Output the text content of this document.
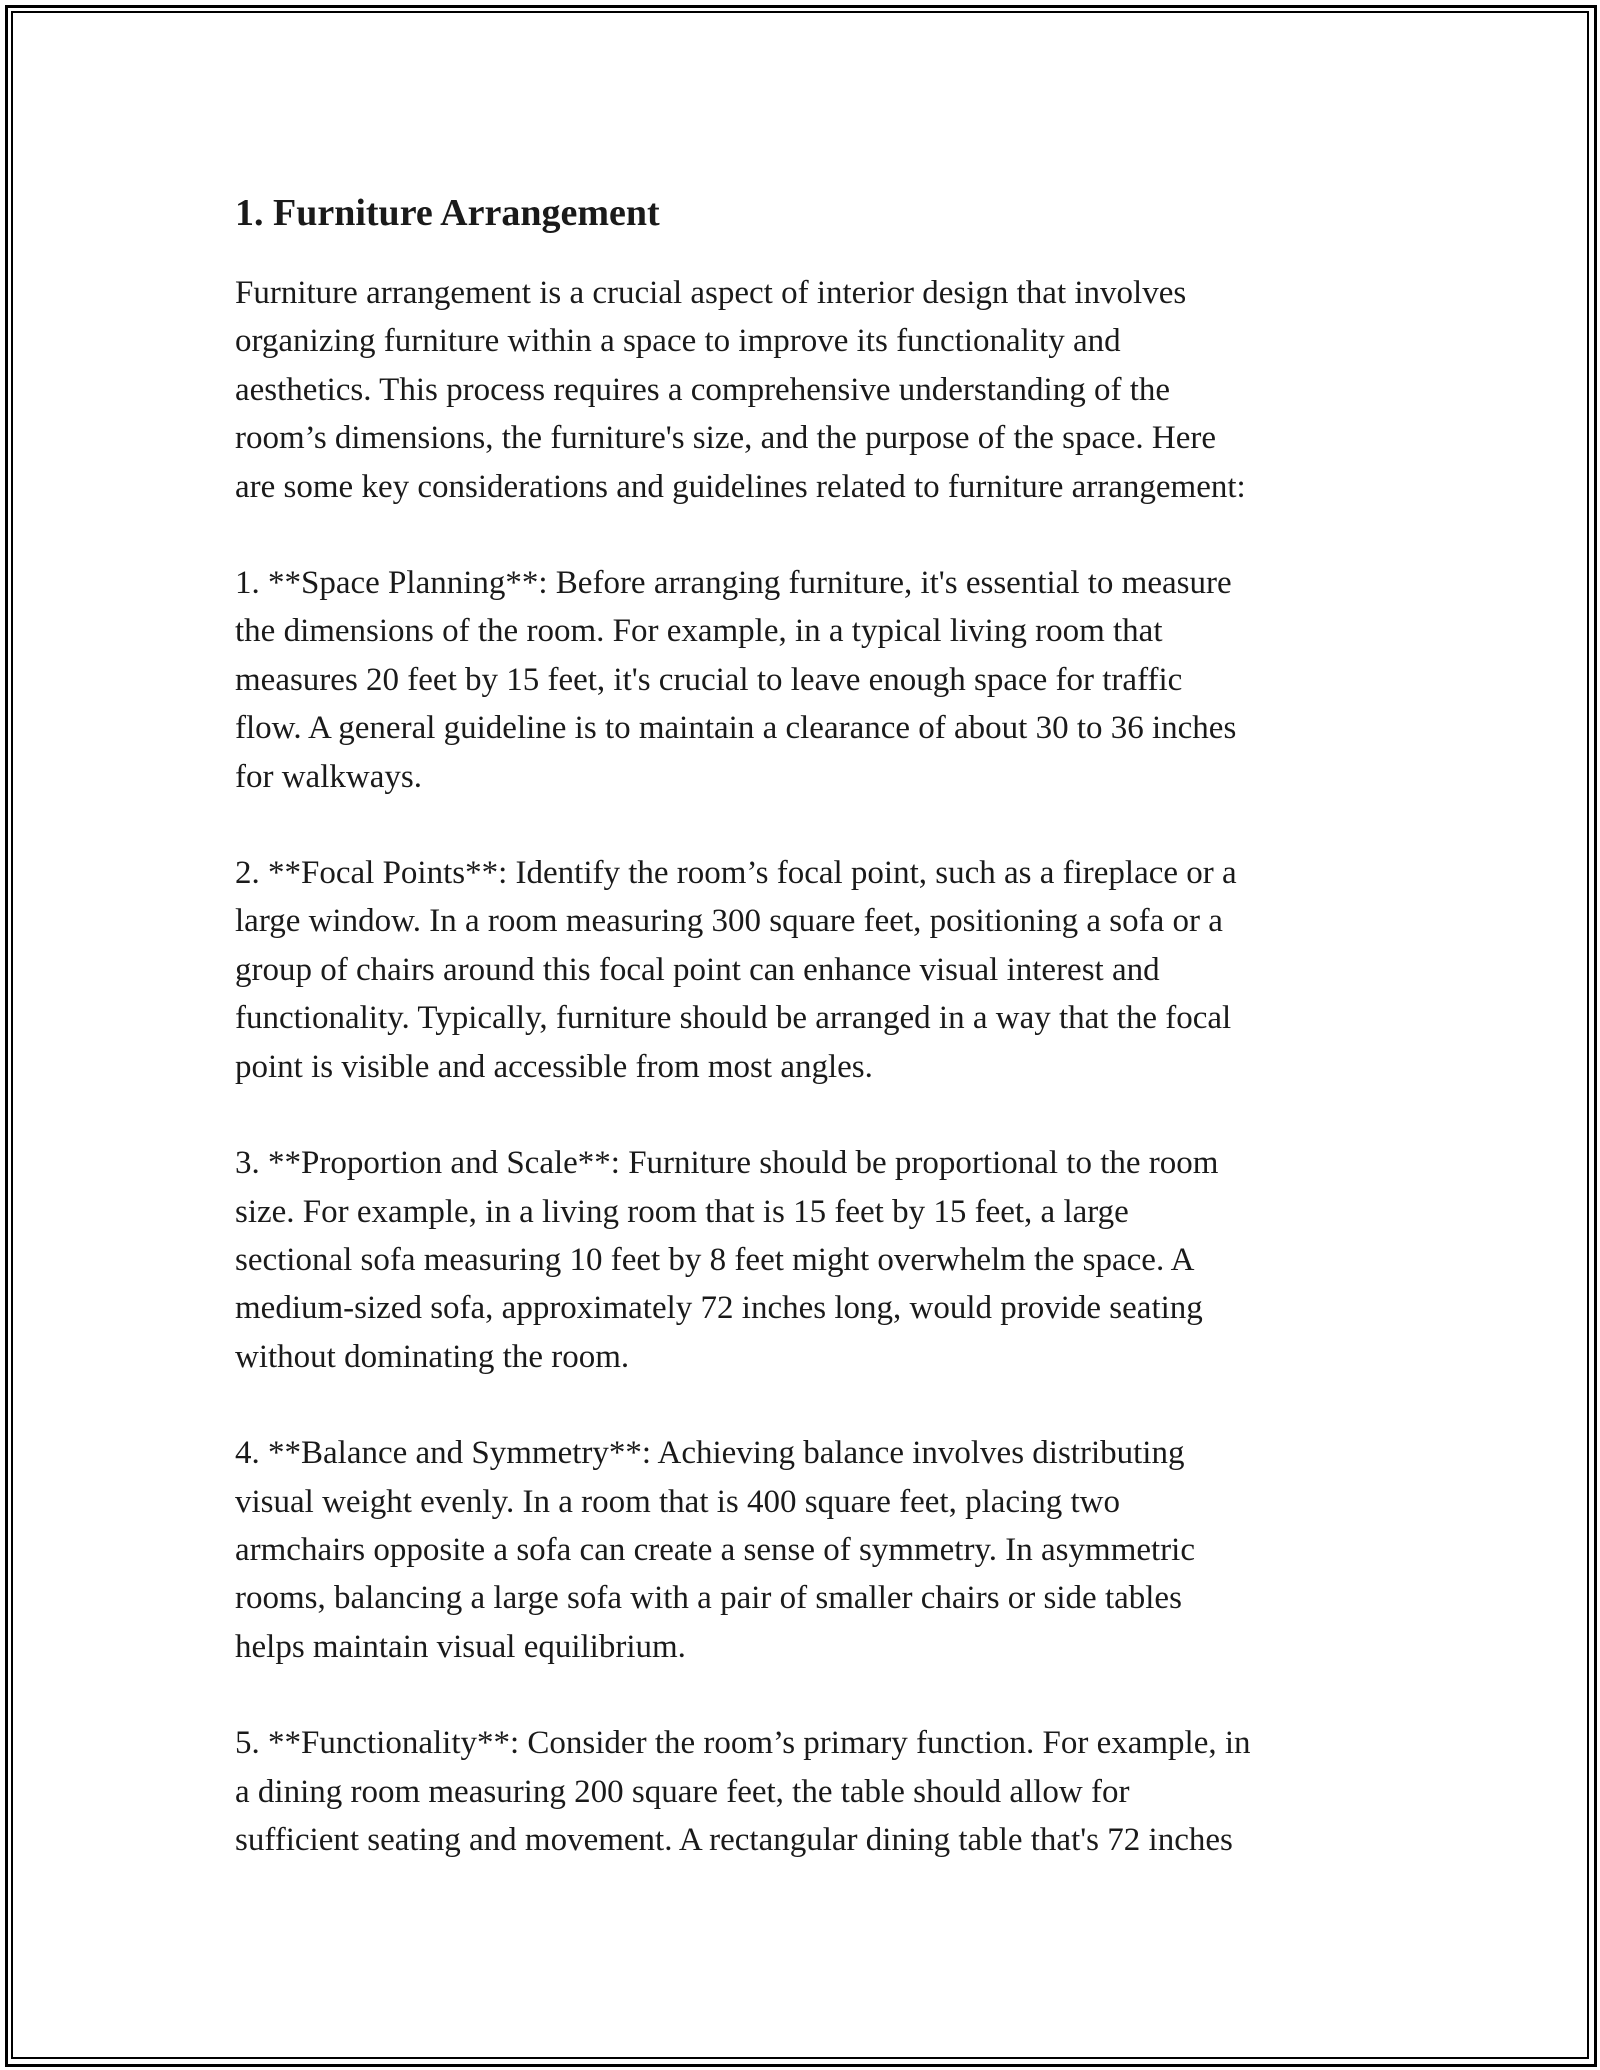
1. Furniture Arrangement

Furniture arrangement is a crucial aspect of interior design that involves
organizing furniture within a space to improve its functionality and
aesthetics. This process requires a comprehensive understanding of the
room’s dimensions, the furniture's size, and the purpose of the space. Here
are some key considerations and guidelines related to furniture arrangement:

1. **Space Planning**: Before arranging furniture, it's essential to measure
the dimensions of the room. For example, in a typical living room that
measures 20 feet by 15 feet, it's crucial to leave enough space for traffic
flow. A general guideline is to maintain a clearance of about 30 to 36 inches
for walkways.

2. **Focal Points**: Identify the room’s focal point, such as a fireplace or a
large window. In a room measuring 300 square feet, positioning a sofa or a
group of chairs around this focal point can enhance visual interest and
functionality. Typically, furniture should be arranged in a way that the focal
point is visible and accessible from most angles.

3. **Proportion and Scale**: Furniture should be proportional to the room
size. For example, in a living room that is 15 feet by 15 feet, a large
sectional sofa measuring 10 feet by 8 feet might overwhelm the space. A
medium-sized sofa, approximately 72 inches long, would provide seating
without dominating the room.

4. **Balance and Symmetry**: Achieving balance involves distributing
visual weight evenly. In a room that is 400 square feet, placing two
armchairs opposite a sofa can create a sense of symmetry. In asymmetric
rooms, balancing a large sofa with a pair of smaller chairs or side tables
helps maintain visual equilibrium.

5. **Functionality**: Consider the room’s primary function. For example, in
a dining room measuring 200 square feet, the table should allow for
sufficient seating and movement. A rectangular dining table that's 72 inches
